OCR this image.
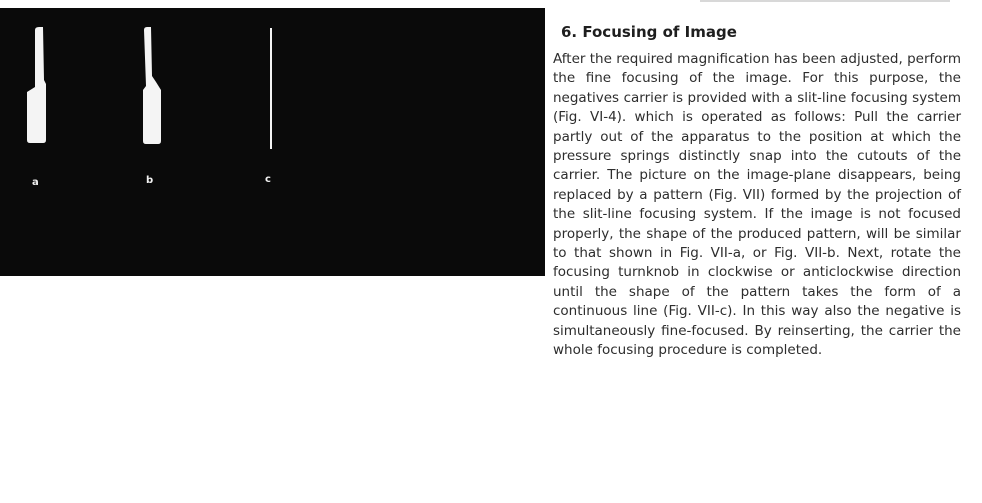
a	b	c
6. Focusing of Image

After the required magnification has been adjusted, perform the fine focusing of the image. For this purpose, the negatives carrier is provided with a slit-line focusing system (Fig. VI-4). which is operated as follows: Pull the carrier partly out of the apparatus to the position at which the pressure springs distinctly snap into the cutouts of the carrier. The picture on the image-plane disappears, being replaced by a pattern (Fig. VII) formed by the projection of the slit-line focusing system. If the image is not focused properly, the shape of the produced pattern, will be similar to that shown in Fig. VII-a, or Fig. VII-b. Next, rotate the focusing turnknob in clockwise or anticlockwise direction until the shape of the pattern takes the form of a continuous line (Fig. VII-c). In this way also the negative is simultaneously fine-focused. By reinserting, the carrier the whole focusing procedure is completed.
